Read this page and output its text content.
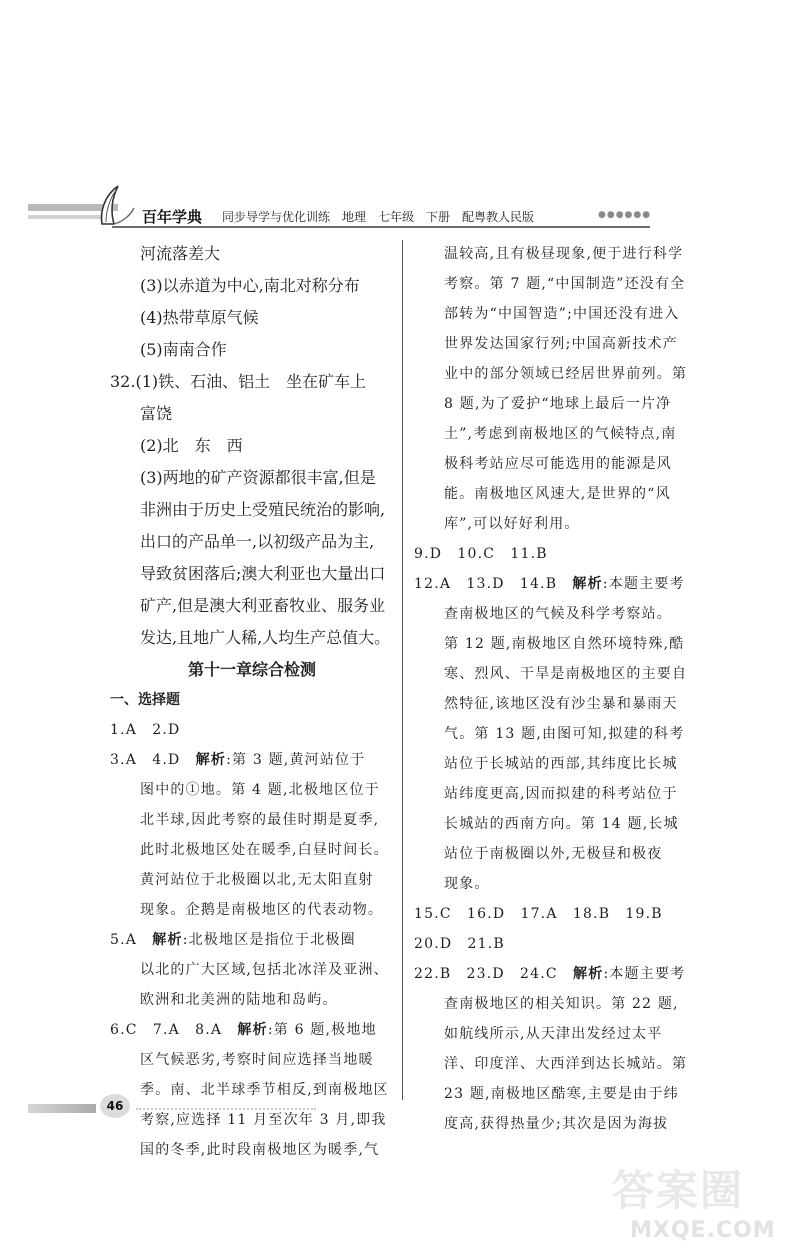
百年学典 同步导学与优化训练　地理　七年级　下册　配粤教人民版	●●●●●●
河流落差大
(3)以赤道为中心,南北对称分布
(4)热带草原气候
(5)南南合作
32.(1)铁、石油、铝土　坐在矿车上
富饶
(2)北　东　西
(3)两地的矿产资源都很丰富,但是
非洲由于历史上受殖民统治的影响,
出口的产品单一,以初级产品为主,
导致贫困落后;澳大利亚也大量出口
矿产,但是澳大利亚畜牧业、服务业
发达,且地广人稀,人均生产总值大。
第十一章综合检测
一、选择题
1.A　2.D
3.A　4.D　解析:第 3 题,黄河站位于
图中的①地。第 4 题,北极地区位于
北半球,因此考察的最佳时期是夏季,
此时北极地区处在暖季,白昼时间长。
黄河站位于北极圈以北,无太阳直射
现象。企鹅是南极地区的代表动物。
5.A　解析:北极地区是指位于北极圈
以北的广大区域,包括北冰洋及亚洲、
欧洲和北美洲的陆地和岛屿。
6.C　7.A　8.A　解析:第 6 题,极地地
区气候恶劣,考察时间应选择当地暖
季。南、北半球季节相反,到南极地区
考察,应选择 11 月至次年 3 月,即我
国的冬季,此时段南极地区为暖季,气
温较高,且有极昼现象,便于进行科学
考察。第 7 题,“中国制造”还没有全
部转为“中国智造”;中国还没有进入
世界发达国家行列;中国高新技术产
业中的部分领域已经居世界前列。第
8 题,为了爱护“地球上最后一片净
土”,考虑到南极地区的气候特点,南
极科考站应尽可能选用的能源是风
能。南极地区风速大,是世界的“风
库”,可以好好利用。
9.D　10.C　11.B
12.A　13.D　14.B　解析:本题主要考
查南极地区的气候及科学考察站。
第 12 题,南极地区自然环境特殊,酷
寒、烈风、干旱是南极地区的主要自
然特征,该地区没有沙尘暴和暴雨天
气。第 13 题,由图可知,拟建的科考
站位于长城站的西部,其纬度比长城
站纬度更高,因而拟建的科考站位于
长城站的西南方向。第 14 题,长城
站位于南极圈以外,无极昼和极夜
现象。
15.C　16.D　17.A　18.B　19.B
20.D　21.B
22.B　23.D　24.C　解析:本题主要考
查南极地区的相关知识。第 22 题,
如航线所示,从天津出发经过太平
洋、印度洋、大西洋到达长城站。第
23 题,南极地区酷寒,主要是由于纬
度高,获得热量少;其次是因为海拔
46
答案圈
MXQE.COM
